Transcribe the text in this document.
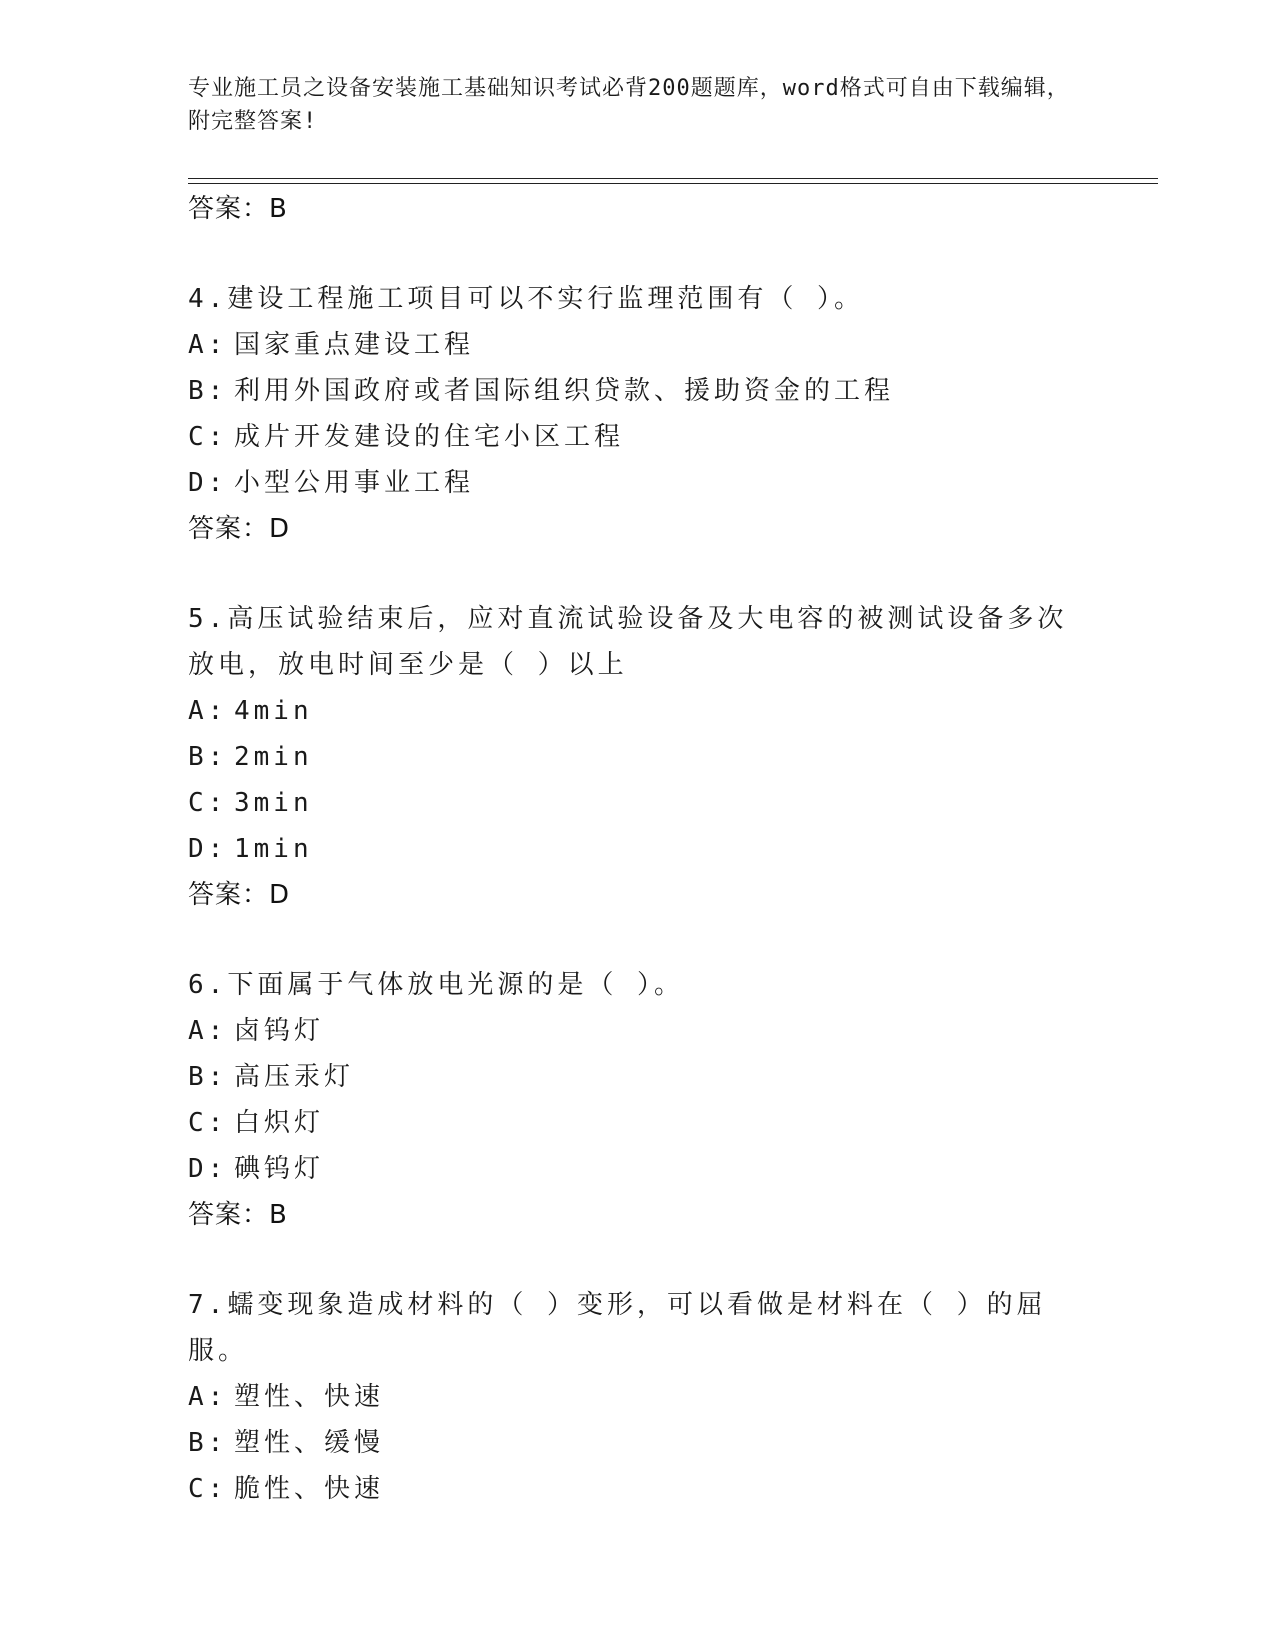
专业施工员之设备安装施工基础知识考试必背200题题库，word格式可自由下载编辑，附完整答案!
答案：B
4.建设工程施工项目可以不实行监理范围有（ ）。
A: 国家重点建设工程
B: 利用外国政府或者国际组织贷款、援助资金的工程
C: 成片开发建设的住宅小区工程
D: 小型公用事业工程
答案：D
5.高压试验结束后，应对直流试验设备及大电容的被测试设备多次放电，放电时间至少是（ ）以上
A: 4min
B: 2min
C: 3min
D: 1min
答案：D
6.下面属于气体放电光源的是（ ）。
A: 卤钨灯
B: 高压汞灯
C: 白炽灯
D: 碘钨灯
答案：B
7.蠕变现象造成材料的（ ）变形，可以看做是材料在（ ）的屈服。
A: 塑性、快速
B: 塑性、缓慢
C: 脆性、快速
